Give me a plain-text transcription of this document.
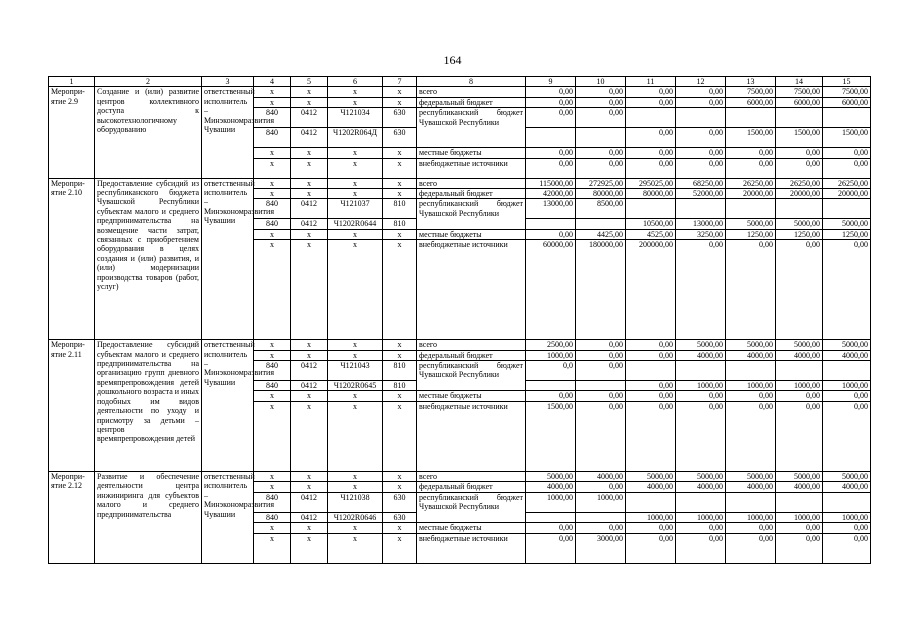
164
1	2	3	4	5	6	7	8	9	10	11	12	13	14	15
Меропри-ятие 2.9	Создание и (или) развитие центров коллективного доступа к высокотехнологичному оборудованию	ответственный исполнитель – Минэкономразвития Чувашии	x	x	x	x	всего	0,00	0,00	0,00	0,00	7500,00	7500,00	7500,00
			x	x	x	x	федеральный бюджет	0,00	0,00	0,00	0,00	6000,00	6000,00	6000,00
			840	0412	Ч121034	630	республиканский бюджет Чувашской Республики	0,00	0,00					
			840	0412	Ч1202R064Д	630				0,00	0,00	1500,00	1500,00	1500,00
			x	x	x	x	местные бюджеты	0,00	0,00	0,00	0,00	0,00	0,00	0,00
			x	x	x	x	внебюджетные источники	0,00	0,00	0,00	0,00	0,00	0,00	0,00
Меропри-ятие 2.10	Предоставление субсидий из республиканского бюджета Чувашской Республики субъектам малого и среднего предпринимательства на возмещение части затрат, связанных с приобретением оборудования в целях создания и (или) развития, и (или) модернизации производства товаров (работ, услуг)	ответственный исполнитель – Минэкономразвития Чувашии	x	x	x	x	всего	115000,00	272925,00	295025,00	68250,00	26250,00	26250,00	26250,00
			x	x	x	x	федеральный бюджет	42000,00	80000,00	80000,00	52000,00	20000,00	20000,00	20000,00
			840	0412	Ч121037	810	республиканский бюджет Чувашской Республики	13000,00	8500,00					
			840	0412	Ч1202R0644	810				10500,00	13000,00	5000,00	5000,00	5000,00
			x	x	x	x	местные бюджеты	0,00	4425,00	4525,00	3250,00	1250,00	1250,00	1250,00
			x	x	x	x	внебюджетные источники	60000,00	180000,00	200000,00	0,00	0,00	0,00	0,00
Меропри-ятие 2.11	Предоставление субсидий субъектам малого и среднего предпринимательства на организацию групп дневного времяпрепровождения детей дошкольного возраста и иных подобных им видов деятельности по уходу и присмотру за детьми – центров времяпрепровождения детей	ответственный исполнитель – Минэкономразвития Чувашии	x	x	x	x	всего	2500,00	0,00	0,00	5000,00	5000,00	5000,00	5000,00
			x	x	x	x	федеральный бюджет	1000,00	0,00	0,00	4000,00	4000,00	4000,00	4000,00
			840	0412	Ч121043	810	республиканский бюджет Чувашской Республики	0,0	0,00					
			840	0412	Ч1202R0645	810				0,00	1000,00	1000,00	1000,00	1000,00
			x	x	x	x	местные бюджеты	0,00	0,00	0,00	0,00	0,00	0,00	0,00
			x	x	x	x	внебюджетные источники	1500,00	0,00	0,00	0,00	0,00	0,00	0,00
Меропри-ятие 2.12	Развитие и обеспечение деятельности центра инжиниринга для субъектов малого и среднего предпринимательства	ответственный исполнитель – Минэкономразвития Чувашии	x	x	x	x	всего	5000,00	4000,00	5000,00	5000,00	5000,00	5000,00	5000,00
			x	x	x	x	федеральный бюджет	4000,00	0,00	4000,00	4000,00	4000,00	4000,00	4000,00
			840	0412	Ч121038	630	республиканский бюджет Чувашской Республики	1000,00	1000,00					
			840	0412	Ч1202R0646	630				1000,00	1000,00	1000,00	1000,00	1000,00
			x	x	x	x	местные бюджеты	0,00	0,00	0,00	0,00	0,00	0,00	0,00
			x	x	x	x	внебюджетные источники	0,00	3000,00	0,00	0,00	0,00	0,00	0,00
